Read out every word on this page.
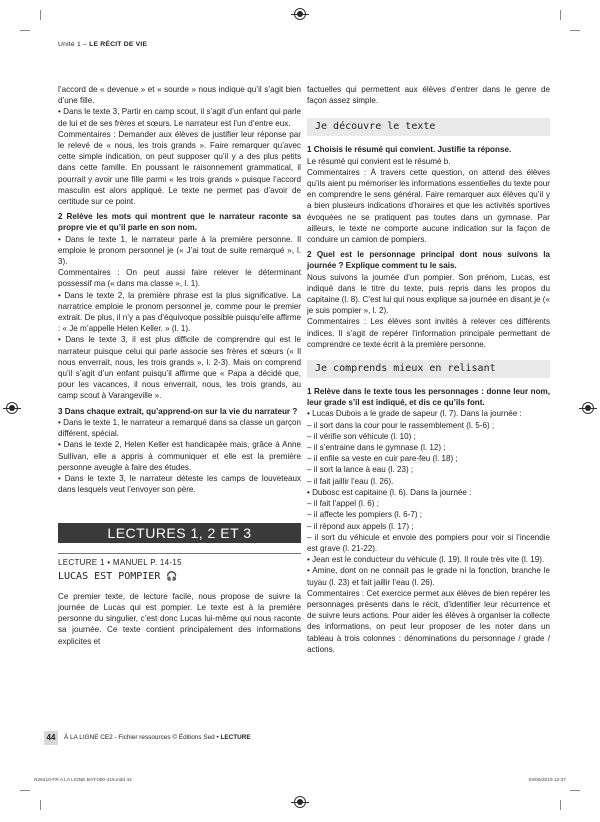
Unité 1 – LE RÉCIT DE VIE

l’accord de « devenue » et « sourde » nous indique qu’il s’agit bien d’une fille.

• Dans le texte 3, Partir en camp scout, il s’agit d’un enfant qui parle de lui et de ses frères et sœurs. Le narrateur est l’un d’entre eux.

Commentaires : Demander aux élèves de justifier leur réponse par le relevé de « nous, les trois grands ». Faire remarquer qu’avec cette simple indication, on peut supposer qu’il y a des plus petits dans cette famille. En poussant le raisonnement grammatical, il pourrait y avoir une fille parmi « les trois grands » puisque l’accord masculin est alors appliqué. Le texte ne permet pas d’avoir de certitude sur ce point.

2 Relève les mots qui montrent que le narrateur raconte sa propre vie et qu’il parle en son nom.

• Dans le texte 1, le narrateur parle à la première personne. Il emploie le pronom personnel je (« J’ai tout de suite remarqué », l. 3).

Commentaires : On peut aussi faire relever le déterminant possessif ma (« dans ma classe », l. 1).

• Dans le texte 2, la première phrase est la plus significative. La narratrice emploie le pronom personnel je, comme pour le premier extrait. De plus, il n’y a pas d’équivoque possible puisqu’elle affirme : « Je m’appelle Helen Keller. » (l. 1).

• Dans le texte 3, il est plus difficile de comprendre qui est le narrateur puisque celui qui parle associe ses frères et sœurs (« Il nous enverrait, nous, les trois grands », l. 2-3). Mais on comprend qu’il s’agit d’un enfant puisqu’il affirme que « Papa a décidé que, pour les vacances, il nous enverrait, nous, les trois grands, au camp scout à Varangeville ».

3 Dans chaque extrait, qu’apprend-on sur la vie du narrateur ?

• Dans le texte 1, le narrateur a remarqué dans sa classe un garçon différent, spécial.

• Dans le texte 2, Helen Keller est handicapée mais, grâce à Anne Sullivan, elle a appris à communiquer et elle est la première personne aveugle à faire des études.

• Dans le texte 3, le narrateur déteste les camps de louveteaux dans lesquels veut l’envoyer son père.

LECTURES 1, 2 ET 3
LECTURE 1 • MANUEL P. 14-15
LUCAS EST POMPIER 🎧

Ce premier texte, de lecture facile, nous propose de suivre la journée de Lucas qui est pompier. Le texte est à la première personne du singulier, c’est donc Lucas lui-même qui nous raconte sa journée. Ce texte contient principalement des informations explicites et

factuelles qui permettent aux élèves d’entrer dans le genre de façon assez simple.

Je découvre le texte

1 Choisis le résumé qui convient. Justifie ta réponse.

Le résumé qui convient est le résumé b.

Commentaires : À travers cette question, on attend des élèves qu’ils aient pu mémoriser les informations essentielles du texte pour en comprendre le sens général. Faire remarquer aux élèves qu’il y a bien plusieurs indications d’horaires et que les activités sportives évoquées ne se pratiquent pas toutes dans un gymnase. Par ailleurs, le texte ne comporte aucune indication sur la façon de conduire un camion de pompiers.

2 Quel est le personnage principal dont nous suivons la journée ? Explique comment tu le sais.

Nous suivons la journée d’un pompier. Son prénom, Lucas, est indiqué dans le titre du texte, puis repris dans les propos du capitaine (l. 8). C’est lui qui nous explique sa journée en disant je (« je suis pompier », l. 2).

Commentaires : Les élèves sont invités à relever ces différents indices. Il s’agit de repérer l’information principale permettant de comprendre ce texte écrit à la première personne.

Je comprends mieux en relisant

1 Relève dans le texte tous les personnages : donne leur nom, leur grade s’il est indiqué, et dis ce qu’ils font.

• Lucas Dubois a le grade de sapeur (l. 7). Dans la journée :

– il sort dans la cour pour le rassemblement (l. 5-6) ;

– il vérifie son véhicule (l. 10) ;

– il s’entraine dans le gymnase (l. 12) ;

– il enfile sa veste en cuir pare-feu (l. 18) ;

– il sort la lance à eau (l. 23) ;

– il fait jaillir l’eau (l. 26).

• Dubosc est capitaine (l. 6). Dans la journée :

– il fait l’appel (l. 6) ;

– il affecte les pompiers (l. 6-7) ;

– il répond aux appels (l. 17) ;

– il sort du véhicule et envoie des pompiers pour voir si l’incendie est grave (l. 21-22).

• Jean est le conducteur du véhicule (l. 19). Il roule très vite (l. 19).

• Amine, dont on ne connait pas le grade ni la fonction, branche le tuyau (l. 23) et fait jaillir l’eau (l. 26).

Commentaires : Cet exercice permet aux élèves de bien repérer les personnages présents dans le récit, d’identifier leur récurrence et de suivre leurs actions. Pour aider les élèves à organiser la collecte des informations, on peut leur proposer de les noter dans un tableau à trois colonnes : dénominations du personnage / grade / actions.

44	À LA LIGNE CE2 - Fichier ressources © Éditions Sed • LECTURE
N26410-FR A LA LIGNE BAT-000-419.indd 44	04/06/2019 12:37
